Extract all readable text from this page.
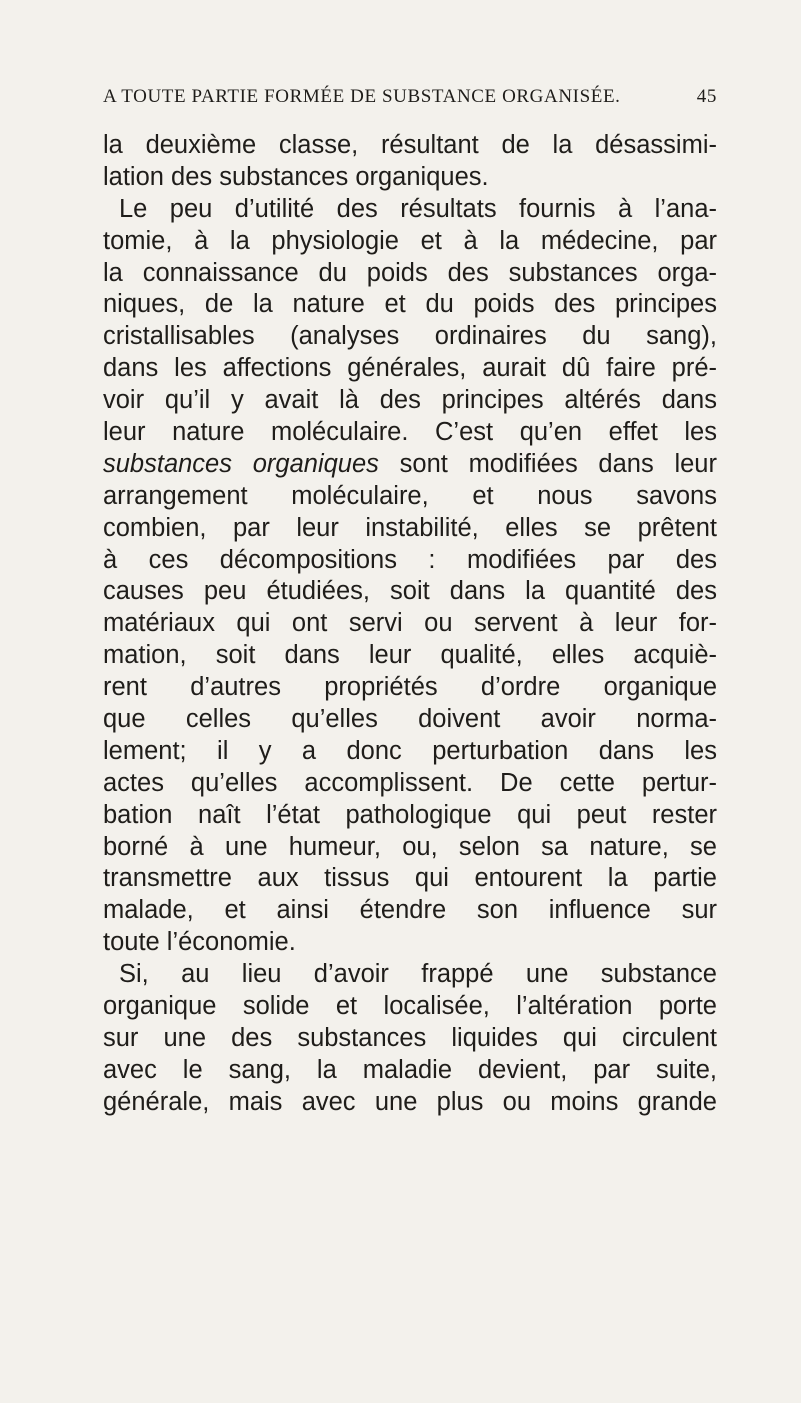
A TOUTE PARTIE FORMÉE DE SUBSTANCE ORGANISÉE.	45
la deuxième classe, résultant de la désassimi-
lation des substances organiques.
Le peu d’utilité des résultats fournis à l’ana-
tomie, à la physiologie et à la médecine, par
la connaissance du poids des substances orga-
niques, de la nature et du poids des principes
cristallisables (analyses ordinaires du sang),
dans les affections générales, aurait dû faire pré-
voir qu’il y avait là des principes altérés dans
leur nature moléculaire. C’est qu’en effet les
substances organiques sont modifiées dans leur
arrangement moléculaire, et nous savons
combien, par leur instabilité, elles se prêtent
à ces décompositions : modifiées par des
causes peu étudiées, soit dans la quantité des
matériaux qui ont servi ou servent à leur for-
mation, soit dans leur qualité, elles acquiè-
rent d’autres propriétés d’ordre organique
que celles qu’elles doivent avoir norma-
lement; il y a donc perturbation dans les
actes qu’elles accomplissent. De cette pertur-
bation naît l’état pathologique qui peut rester
borné à une humeur, ou, selon sa nature, se
transmettre aux tissus qui entourent la partie
malade, et ainsi étendre son influence sur
toute l’économie.
Si, au lieu d’avoir frappé une substance
organique solide et localisée, l’altération porte
sur une des substances liquides qui circulent
avec le sang, la maladie devient, par suite,
générale, mais avec une plus ou moins grande
